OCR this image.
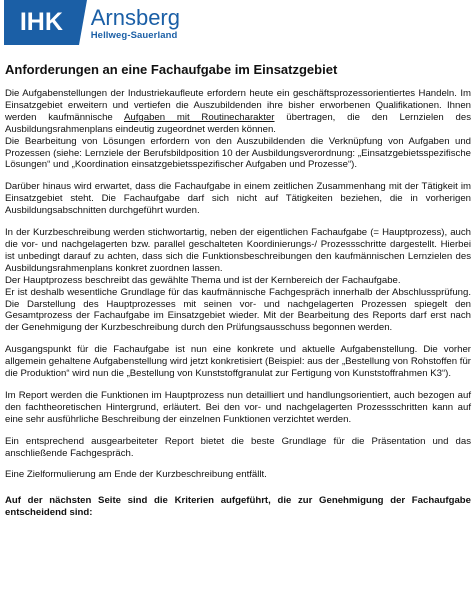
IHK	Arnsberg
Hellweg-Sauerland
Anforderungen an eine Fachaufgabe im Einsatzgebiet

Die Aufgabenstellungen der Industriekaufleute erfordern heute ein geschäftsprozessorientiertes Handeln. Im Einsatzgebiet erweitern und vertiefen die Auszubildenden ihre bisher erworbenen Qualifikationen. Ihnen werden kaufmännische Aufgaben mit Routinecharakter übertragen, die den Lernzielen des Ausbildungsrahmenplans eindeutig zugeordnet werden können.

Die Bearbeitung von Lösungen erfordern von den Auszubildenden die Verknüpfung von Aufgaben und Prozessen (siehe: Lernziele der Berufsbildposition 10 der Ausbildungsverordnung: „Einsatzgebietsspezifische Lösungen“ und „Koordination einsatzgebietsspezifischer Aufgaben und Prozesse“).

Darüber hinaus wird erwartet, dass die Fachaufgabe in einem zeitlichen Zusammenhang mit der Tätigkeit im Einsatzgebiet steht. Die Fachaufgabe darf sich nicht auf Tätigkeiten beziehen, die in vorherigen Ausbildungsabschnitten durchgeführt wurden.

In der Kurzbeschreibung werden stichwortartig, neben der eigentlichen Fachaufgabe (= Hauptprozess), auch die vor- und nachgelagerten bzw. parallel geschalteten Koordinierungs-/ Prozessschritte dargestellt. Hierbei ist unbedingt darauf zu achten, dass sich die Funktionsbeschreibungen den kaufmännischen Lernzielen des Ausbildungsrahmenplans konkret zuordnen lassen.

Der Hauptprozess beschreibt das gewählte Thema und ist der Kernbereich der Fachaufgabe.

Er ist deshalb wesentliche Grundlage für das kaufmännische Fachgespräch innerhalb der Abschlussprüfung. Die Darstellung des Hauptprozesses mit seinen vor- und nachgelagerten Prozessen spiegelt den Gesamtprozess der Fachaufgabe im Einsatzgebiet wieder. Mit der Bearbeitung des Reports darf erst nach der Genehmigung der Kurzbeschreibung durch den Prüfungsausschuss begonnen werden.

Ausgangspunkt für die Fachaufgabe ist nun eine konkrete und aktuelle Aufgabenstellung. Die vorher allgemein gehaltene Aufgabenstellung wird jetzt konkretisiert (Beispiel: aus der „Bestellung von Rohstoffen für die Produktion“ wird nun die „Bestellung von Kunststoffgranulat zur Fertigung von Kunststoffrahmen K3“).

Im Report werden die Funktionen im Hauptprozess nun detailliert und handlungsorientiert, auch bezogen auf den fachtheoretischen Hintergrund, erläutert. Bei den vor- und nachgelagerten Prozessschritten kann auf eine sehr ausführliche Beschreibung der einzelnen Funktionen verzichtet werden.

Ein entsprechend ausgearbeiteter Report bietet die beste Grundlage für die Präsentation und das anschließende Fachgespräch.

Eine Zielformulierung am Ende der Kurzbeschreibung entfällt.

Auf der nächsten Seite sind die Kriterien aufgeführt, die zur Genehmigung der Fachaufgabe entscheidend sind:
